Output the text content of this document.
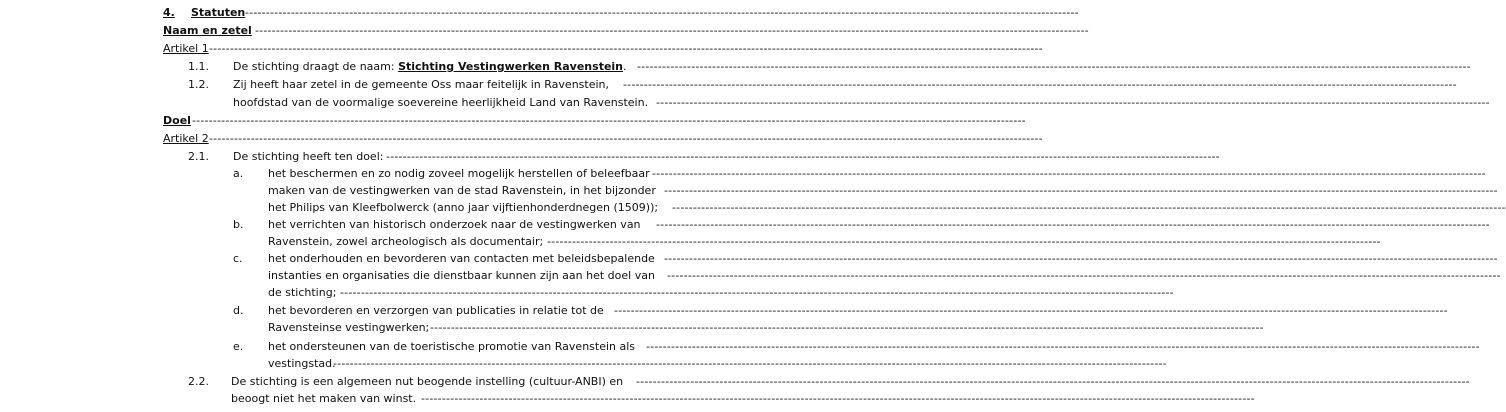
4. Statuten --------------------------------------------------------------------------------------------------------------------------------------------------------------------------------------------------------
Naam en zetel --------------------------------------------------------------------------------------------------------------------------------------------------------------------------------------------------------
Artikel 1 --------------------------------------------------------------------------------------------------------------------------------------------------------------------------------------------------------
1.1. De stichting draagt de naam: Stichting Vestingwerken Ravenstein. --------------------------------------------------------------------------------------------------------------------------------------------------------------------------------------------------------
1.2. Zij heeft haar zetel in de gemeente Oss maar feitelijk in Ravenstein, --------------------------------------------------------------------------------------------------------------------------------------------------------------------------------------------------------
hoofdstad van de voormalige soevereine heerlijkheid Land van Ravenstein. --------------------------------------------------------------------------------------------------------------------------------------------------------------------------------------------------------
Doel --------------------------------------------------------------------------------------------------------------------------------------------------------------------------------------------------------
Artikel 2 --------------------------------------------------------------------------------------------------------------------------------------------------------------------------------------------------------
2.1. De stichting heeft ten doel: --------------------------------------------------------------------------------------------------------------------------------------------------------------------------------------------------------
a. het beschermen en zo nodig zoveel mogelijk herstellen of beleefbaar --------------------------------------------------------------------------------------------------------------------------------------------------------------------------------------------------------
maken van de vestingwerken van de stad Ravenstein, in het bijzonder --------------------------------------------------------------------------------------------------------------------------------------------------------------------------------------------------------
het Philips van Kleefbolwerck (anno jaar vijftienhonderdnegen (1509)); --------------------------------------------------------------------------------------------------------------------------------------------------------------------------------------------------------
b. het verrichten van historisch onderzoek naar de vestingwerken van --------------------------------------------------------------------------------------------------------------------------------------------------------------------------------------------------------
Ravenstein, zowel archeologisch als documentair; --------------------------------------------------------------------------------------------------------------------------------------------------------------------------------------------------------
c. het onderhouden en bevorderen van contacten met beleidsbepalende --------------------------------------------------------------------------------------------------------------------------------------------------------------------------------------------------------
instanties en organisaties die dienstbaar kunnen zijn aan het doel van --------------------------------------------------------------------------------------------------------------------------------------------------------------------------------------------------------
de stichting; --------------------------------------------------------------------------------------------------------------------------------------------------------------------------------------------------------
d. het bevorderen en verzorgen van publicaties in relatie tot de --------------------------------------------------------------------------------------------------------------------------------------------------------------------------------------------------------
Ravensteinse vestingwerken; --------------------------------------------------------------------------------------------------------------------------------------------------------------------------------------------------------
e. het ondersteunen van de toeristische promotie van Ravenstein als --------------------------------------------------------------------------------------------------------------------------------------------------------------------------------------------------------
vestingstad.
--------------------------------------------------------------------------------------------------------------------------------------------------------------------------------------------------------
2.2. De stichting is een algemeen nut beogende instelling (cultuur-ANBI) en --------------------------------------------------------------------------------------------------------------------------------------------------------------------------------------------------------
beoogt niet het maken van winst. --------------------------------------------------------------------------------------------------------------------------------------------------------------------------------------------------------
